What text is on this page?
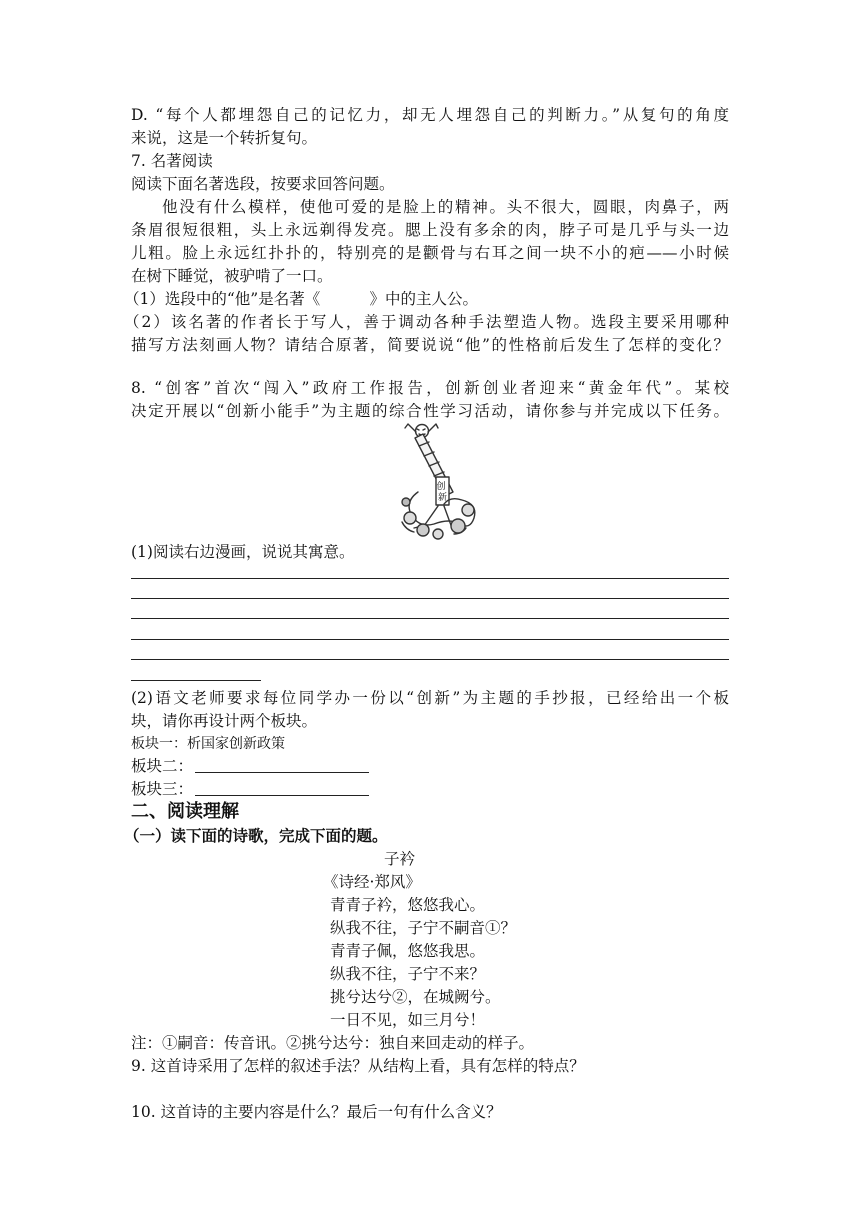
D. “每个人都埋怨自己的记忆力，却无人埋怨自己的判断力。”从复句的角度
来说，这是一个转折复句。
7. 名著阅读
阅读下面名著选段，按要求回答问题。
他没有什么模样，使他可爱的是脸上的精神。头不很大，圆眼，肉鼻子，两
条眉很短很粗，头上永远剃得发亮。腮上没有多余的肉，脖子可是几乎与头一边
儿粗。脸上永远红扑扑的，特别亮的是颧骨与右耳之间一块不小的疤——小时候
在树下睡觉，被驴啃了一口。
（1）选段中的“他”是名著《          》中的主人公。
（2）该名著的作者长于写人，善于调动各种手法塑造人物。选段主要采用哪种
描写方法刻画人物？请结合原著，简要说说“他”的性格前后发生了怎样的变化？
8. “创客”首次“闯入”政府工作报告，创新创业者迎来“黄金年代”。某校
决定开展以“创新小能手”为主题的综合性学习活动，请你参与并完成以下任务。
创 新
(1)阅读右边漫画，说说其寓意。
(2)语文老师要求每位同学办一份以“创新”为主题的手抄报，已经给出一个板
块，请你再设计两个板块。
板块一：析国家创新政策
板块二：
板块三：
二、阅读理解
（一）读下面的诗歌，完成下面的题。
子衿
《诗经·郑风》
青青子衿，悠悠我心。
纵我不往，子宁不嗣音①？
青青子佩，悠悠我思。
纵我不往，子宁不来？
挑兮达兮②，在城阙兮。
一日不见，如三月兮！
注：①嗣音：传音讯。②挑兮达兮：独自来回走动的样子。
9. 这首诗采用了怎样的叙述手法？从结构上看，具有怎样的特点？
10. 这首诗的主要内容是什么？最后一句有什么含义？
